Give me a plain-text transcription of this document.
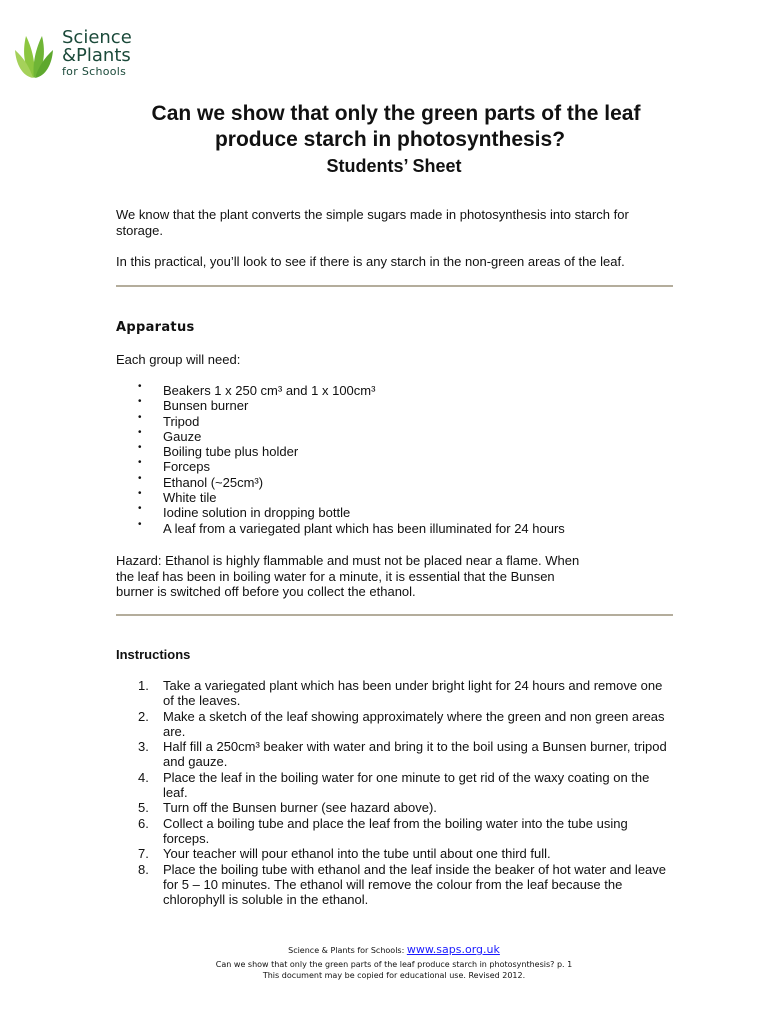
Science
&Plants
for Schools
Can we show that only the green parts of the leaf
produce starch in photosynthesis?
Students’ Sheet

We know that the plant converts the simple sugars made in photosynthesis into starch for storage.

In this practical, you’ll look to see if there is any starch in the non-green areas of the leaf.

Apparatus

Each group will need:

• Beakers 1 x 250 cm³ and 1 x 100cm³
• Bunsen burner
• Tripod
• Gauze
• Boiling tube plus holder
• Forceps
• Ethanol (~25cm³)
• White tile
• Iodine solution in dropping bottle
• A leaf from a variegated plant which has been illuminated for 24 hours

Hazard: Ethanol is highly flammable and must not be placed near a flame. When the leaf has been in boiling water for a minute, it is essential that the Bunsen burner is switched off before you collect the ethanol.

Instructions
1. Take a variegated plant which has been under bright light for 24 hours and remove one of the leaves.
2. Make a sketch of the leaf showing approximately where the green and non green areas are.
3. Half fill a 250cm³ beaker with water and bring it to the boil using a Bunsen burner, tripod and gauze.
4. Place the leaf in the boiling water for one minute to get rid of the waxy coating on the leaf.
5. Turn off the Bunsen burner (see hazard above).
6. Collect a boiling tube and place the leaf from the boiling water into the tube using forceps.
7. Your teacher will pour ethanol into the tube until about one third full.
8. Place the boiling tube with ethanol and the leaf inside the beaker of hot water and leave for 5 – 10 minutes. The ethanol will remove the colour from the leaf because the chlorophyll is soluble in the ethanol.
Science & Plants for Schools: www.saps.org.uk
Can we show that only the green parts of the leaf produce starch in photosynthesis? p. 1
This document may be copied for educational use. Revised 2012.
